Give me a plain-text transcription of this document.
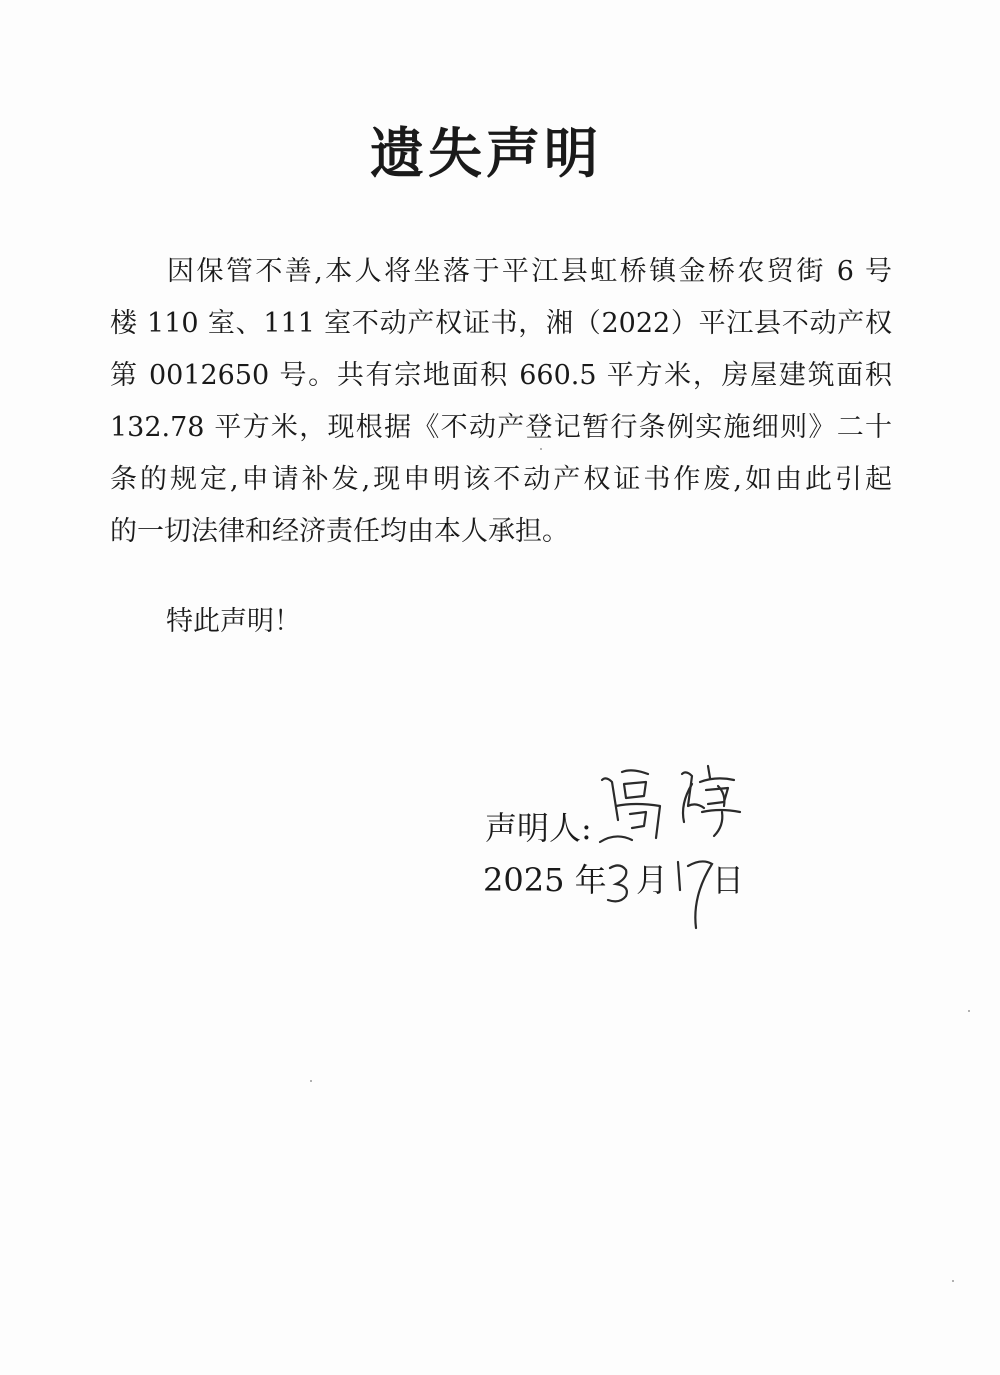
遗失声明
因保管不善,本人将坐落于平江县虹桥镇金桥农贸街 6 号
楼 110 室、111 室不动产权证书，湘（2022）平江县不动产权
第 0012650 号。共有宗地面积 660.5 平方米，房屋建筑面积
132.78 平方米，现根据《不动产登记暂行条例实施细则》二十
条的规定,申请补发,现申明该不动产权证书作废,如由此引起
的一切法律和经济责任均由本人承担。

特此声明！

声明人:
2025 年 月 日
